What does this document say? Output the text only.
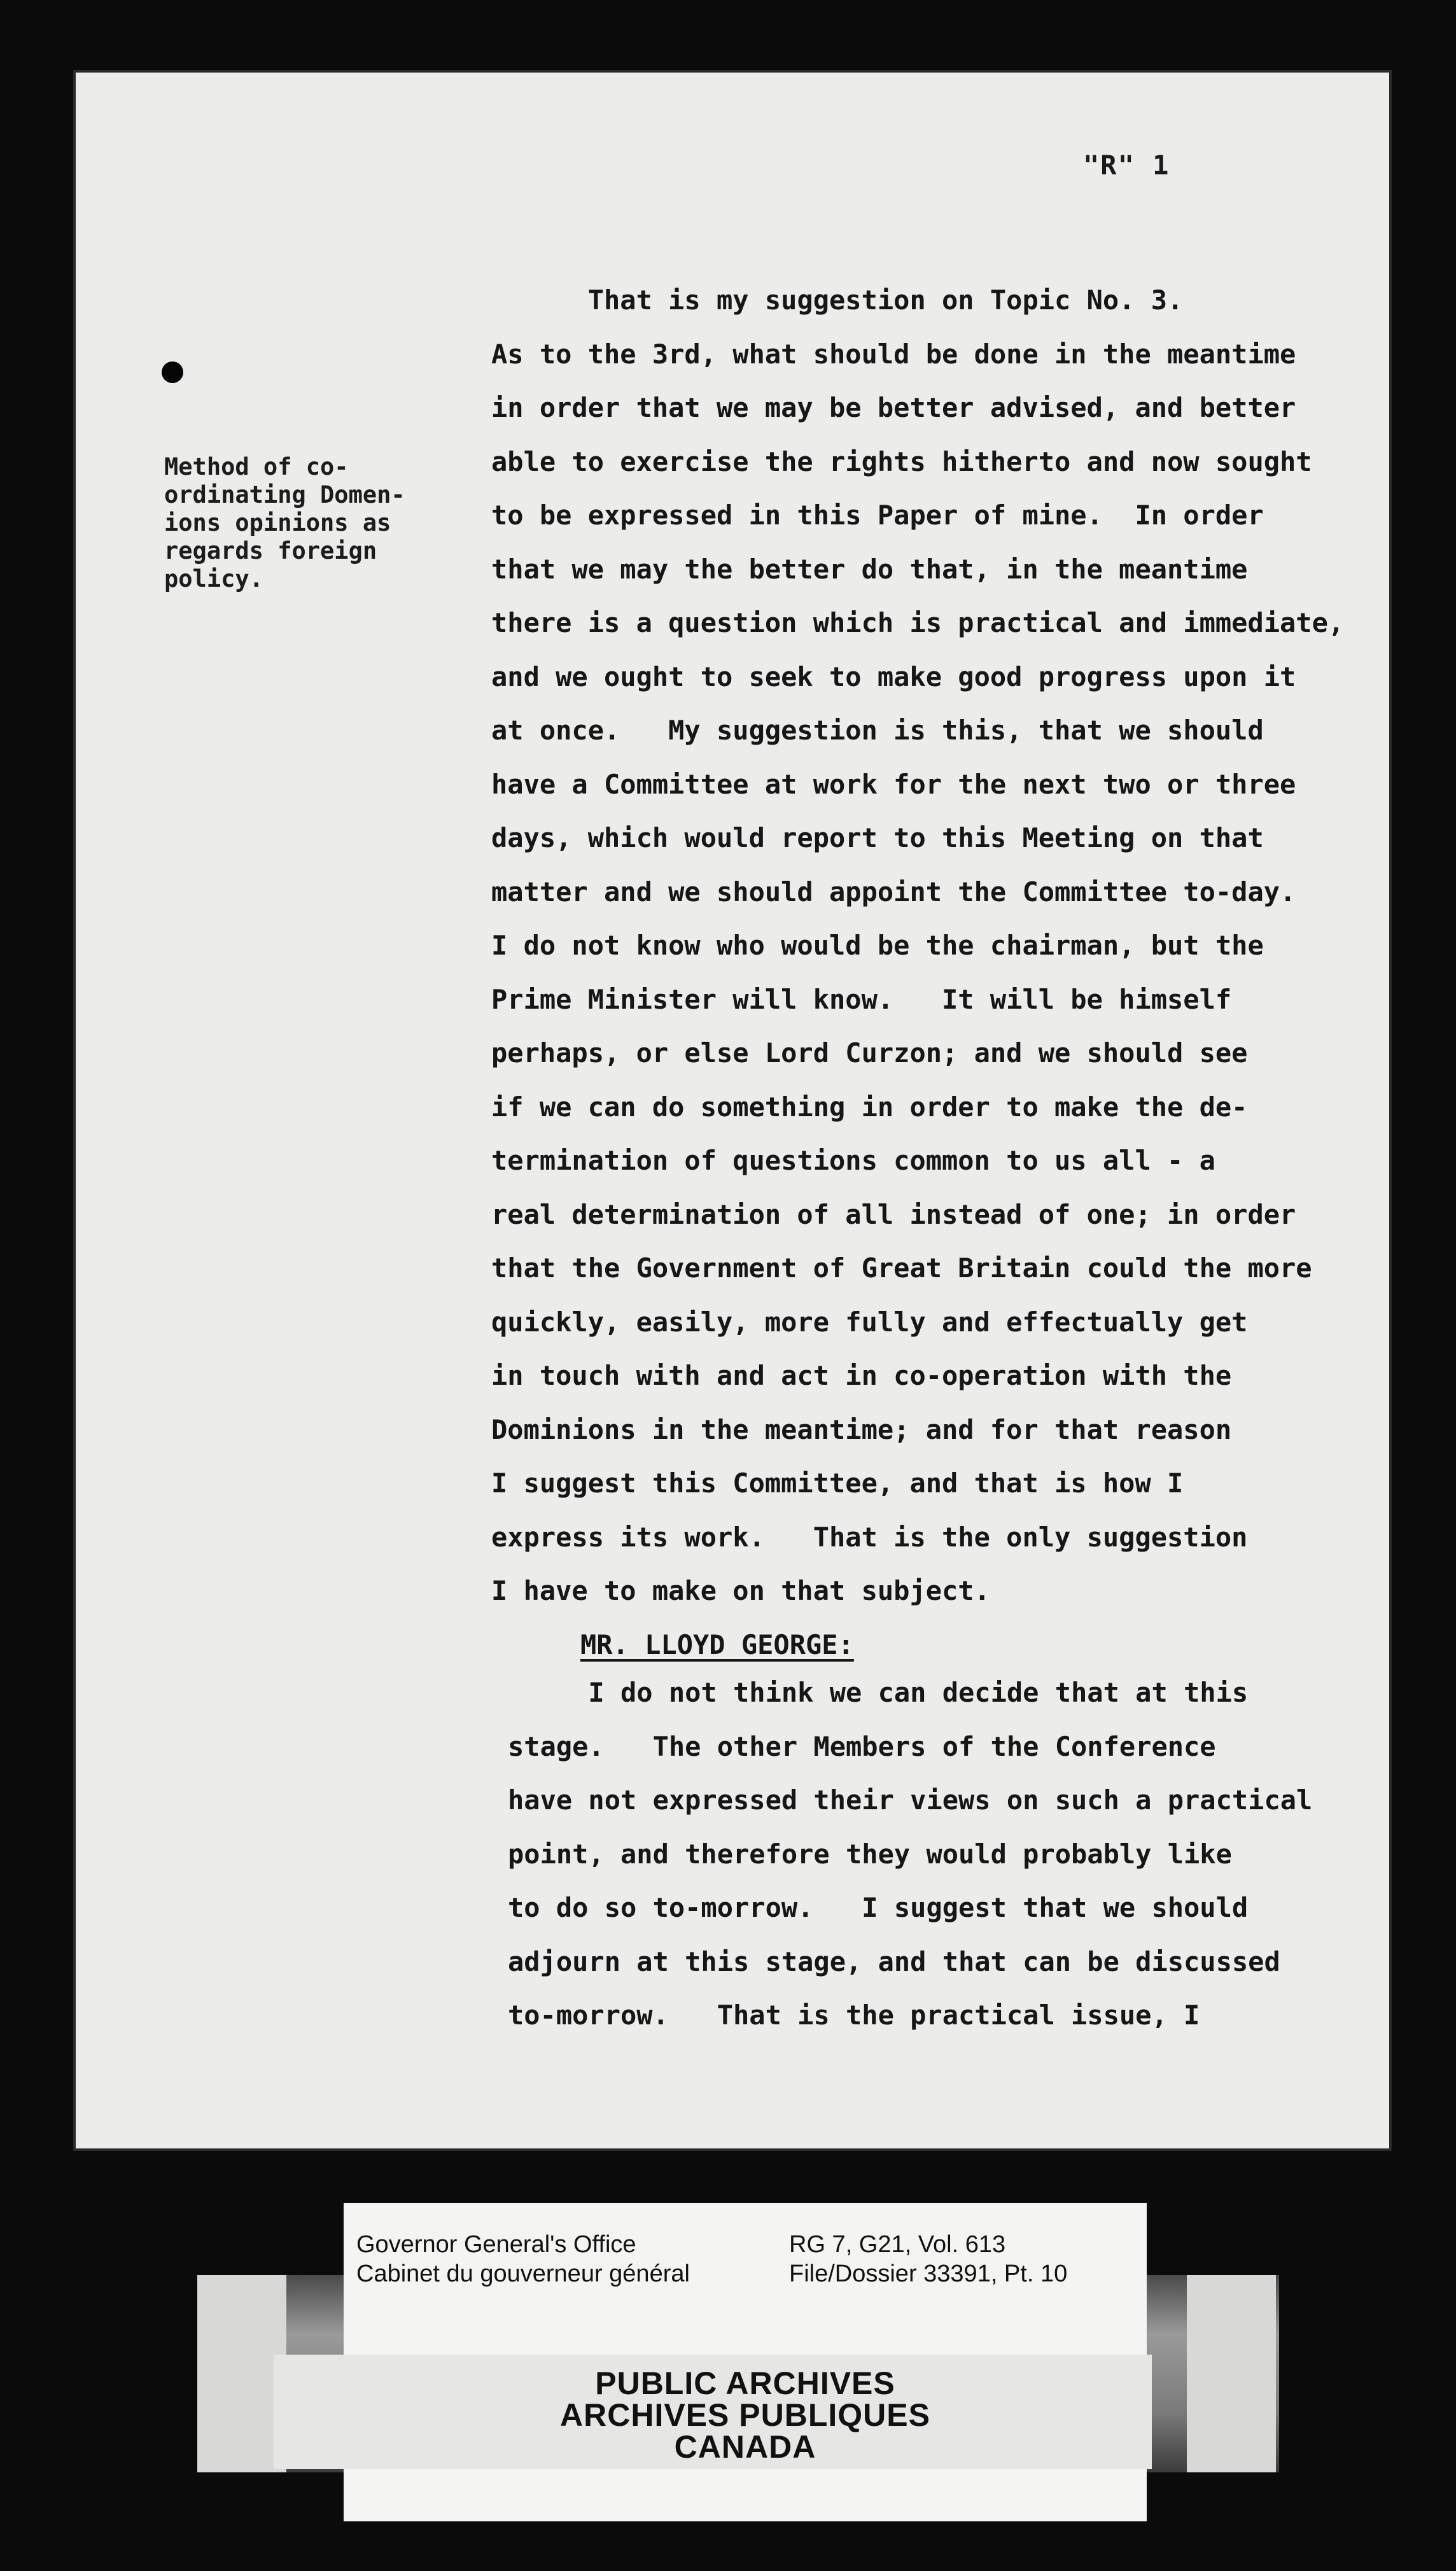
"R" 1
Method of co-
ordinating Domen-
ions opinions as
regards foreign
policy.
That is my suggestion on Topic No. 3.
As to the 3rd, what should be done in the meantime
in order that we may be better advised, and better
able to exercise the rights hitherto and now sought
to be expressed in this Paper of mine.  In order
that we may the better do that, in the meantime
there is a question which is practical and immediate,
and we ought to seek to make good progress upon it
at once.   My suggestion is this, that we should
have a Committee at work for the next two or three
days, which would report to this Meeting on that
matter and we should appoint the Committee to-day.
I do not know who would be the chairman, but the
Prime Minister will know.   It will be himself
perhaps, or else Lord Curzon; and we should see
if we can do something in order to make the de-
termination of questions common to us all - a
real determination of all instead of one; in order
that the Government of Great Britain could the more
quickly, easily, more fully and effectually get
in touch with and act in co-operation with the
Dominions in the meantime; and for that reason
I suggest this Committee, and that is how I
express its work.   That is the only suggestion
I have to make on that subject.
MR. LLOYD GEORGE:
I do not think we can decide that at this
stage.   The other Members of the Conference
have not expressed their views on such a practical
point, and therefore they would probably like
to do so to-morrow.   I suggest that we should
adjourn at this stage, and that can be discussed
to-morrow.   That is the practical issue, I
Governor General's Office
Cabinet du gouverneur général
RG 7, G21, Vol. 613
File/Dossier 33391, Pt. 10
PUBLIC ARCHIVES
ARCHIVES PUBLIQUES
CANADA
